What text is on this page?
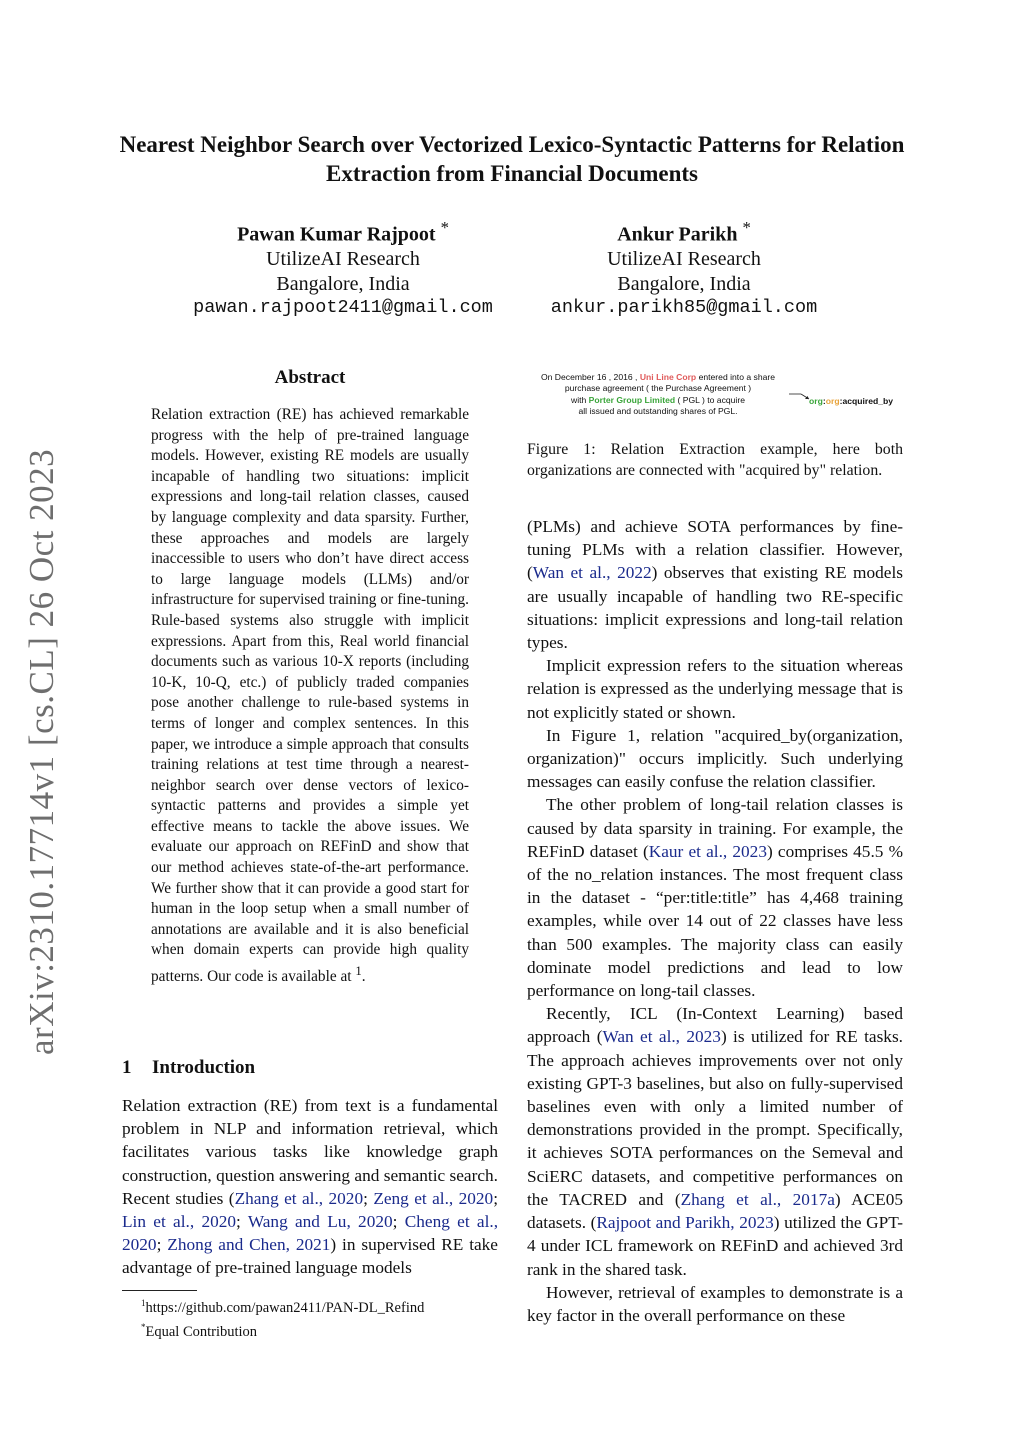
arXiv:2310.17714v1 [cs.CL] 26 Oct 2023
Nearest Neighbor Search over Vectorized Lexico-Syntactic Patterns for Relation Extraction from Financial Documents
Pawan Kumar Rajpoot *
UtilizeAI Research
Bangalore, India
pawan.rajpoot2411@gmail.com
Ankur Parikh *
UtilizeAI Research
Bangalore, India
ankur.parikh85@gmail.com
Abstract

Relation extraction (RE) has achieved remarkable progress with the help of pre-trained language models. However, existing RE models are usually incapable of handling two situations: implicit expressions and long-tail relation classes, caused by language complexity and data sparsity. Further, these approaches and models are largely inaccessible to users who don’t have direct access to large language models (LLMs) and/or infrastructure for supervised training or fine-tuning. Rule-based systems also struggle with implicit expressions. Apart from this, Real world financial documents such as various 10-X reports (including 10-K, 10-Q, etc.) of publicly traded companies pose another challenge to rule-based systems in terms of longer and complex sentences. In this paper, we introduce a simple approach that consults training relations at test time through a nearest-neighbor search over dense vectors of lexico-syntactic patterns and provides a simple yet effective means to tackle the above issues. We evaluate our approach on REFinD and show that our method achieves state-of-the-art performance. We further show that it can provide a good start for human in the loop setup when a small number of annotations are available and it is also beneficial when domain experts can provide high quality patterns. Our code is available at $^1$.

1 Introduction

Relation extraction (RE) from text is a fundamental problem in NLP and information retrieval, which facilitates various tasks like knowledge graph construction, question answering and semantic search. Recent studies (Zhang et al., 2020; Zeng et al., 2020; Lin et al., 2020; Wang and Lu, 2020; Cheng et al., 2020; Zhong and Chen, 2021) in supervised RE take advantage of pre-trained language models

$^1$https://github.com/pawan2411/PAN-DL_Refind
*Equal Contribution
On December 16 , 2016 , Uni Line Corp entered into a share
purchase agreement ( the Purchase Agreement )
with Porter Group Limited ( PGL ) to acquire
all issued and outstanding shares of PGL.
org:org:acquired_by

Figure 1: Relation Extraction example, here both organizations are connected with "acquired by" relation.

(PLMs) and achieve SOTA performances by fine-tuning PLMs with a relation classifier. However, (Wan et al., 2022) observes that existing RE models are usually incapable of handling two RE-specific situations: implicit expressions and long-tail relation types.

Implicit expression refers to the situation whereas relation is expressed as the underlying message that is not explicitly stated or shown.

In Figure 1, relation "acquired_by(organization, organization)" occurs implicitly. Such underlying messages can easily confuse the relation classifier.

The other problem of long-tail relation classes is caused by data sparsity in training. For example, the REFinD dataset (Kaur et al., 2023) comprises 45.5 % of the no_relation instances. The most frequent class in the dataset - “per:title:title” has 4,468 training examples, while over 14 out of 22 classes have less than 500 examples. The majority class can easily dominate model predictions and lead to low performance on long-tail classes.

Recently, ICL (In-Context Learning) based approach (Wan et al., 2023) is utilized for RE tasks. The approach achieves improvements over not only existing GPT-3 baselines, but also on fully-supervised baselines even with only a limited number of demonstrations provided in the prompt. Specifically, it achieves SOTA performances on the Semeval and SciERC datasets, and competitive performances on the TACRED and (Zhang et al., 2017a) ACE05 datasets. (Rajpoot and Parikh, 2023) utilized the GPT-4 under ICL framework on REFinD and achieved 3rd rank in the shared task.

However, retrieval of examples to demonstrate is a key factor in the overall performance on these
